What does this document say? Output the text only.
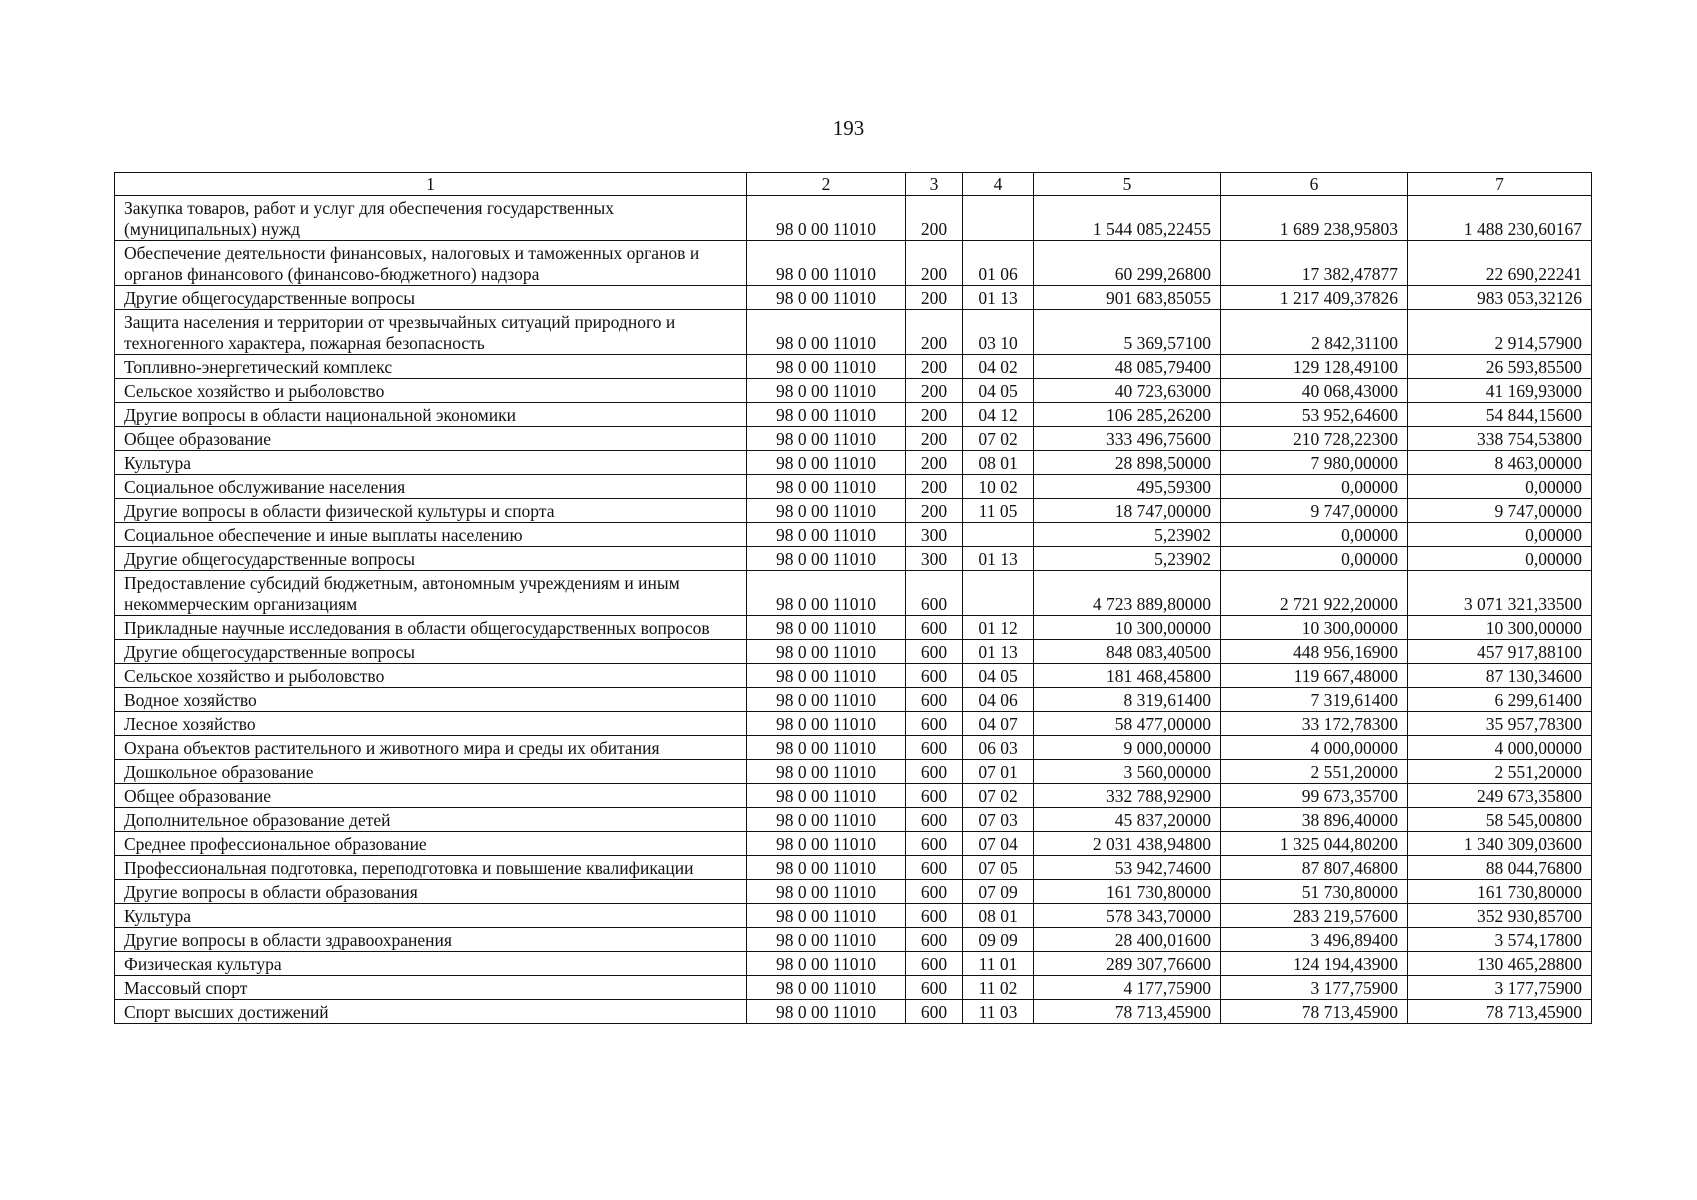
193
1	2	3	4	5	6	7
Закупка товаров, работ и услуг для обеспечения государственных (муниципальных) нужд	98 0 00 11010	200		1 544 085,22455	1 689 238,95803	1 488 230,60167
Обеспечение деятельности финансовых, налоговых и таможенных органов и органов финансового (финансово-бюджетного) надзора	98 0 00 11010	200	01 06	60 299,26800	17 382,47877	22 690,22241
Другие общегосударственные вопросы	98 0 00 11010	200	01 13	901 683,85055	1 217 409,37826	983 053,32126
Защита населения и территории от чрезвычайных ситуаций природного и техногенного характера, пожарная безопасность	98 0 00 11010	200	03 10	5 369,57100	2 842,31100	2 914,57900
Топливно-энергетический комплекс	98 0 00 11010	200	04 02	48 085,79400	129 128,49100	26 593,85500
Сельское хозяйство и рыболовство	98 0 00 11010	200	04 05	40 723,63000	40 068,43000	41 169,93000
Другие вопросы в области национальной экономики	98 0 00 11010	200	04 12	106 285,26200	53 952,64600	54 844,15600
Общее образование	98 0 00 11010	200	07 02	333 496,75600	210 728,22300	338 754,53800
Культура	98 0 00 11010	200	08 01	28 898,50000	7 980,00000	8 463,00000
Социальное обслуживание населения	98 0 00 11010	200	10 02	495,59300	0,00000	0,00000
Другие вопросы в области физической культуры и спорта	98 0 00 11010	200	11 05	18 747,00000	9 747,00000	9 747,00000
Социальное обеспечение и иные выплаты населению	98 0 00 11010	300		5,23902	0,00000	0,00000
Другие общегосударственные вопросы	98 0 00 11010	300	01 13	5,23902	0,00000	0,00000
Предоставление субсидий бюджетным, автономным учреждениям и иным некоммерческим организациям	98 0 00 11010	600		4 723 889,80000	2 721 922,20000	3 071 321,33500
Прикладные научные исследования в области общегосударственных вопросов	98 0 00 11010	600	01 12	10 300,00000	10 300,00000	10 300,00000
Другие общегосударственные вопросы	98 0 00 11010	600	01 13	848 083,40500	448 956,16900	457 917,88100
Сельское хозяйство и рыболовство	98 0 00 11010	600	04 05	181 468,45800	119 667,48000	87 130,34600
Водное хозяйство	98 0 00 11010	600	04 06	8 319,61400	7 319,61400	6 299,61400
Лесное хозяйство	98 0 00 11010	600	04 07	58 477,00000	33 172,78300	35 957,78300
Охрана объектов растительного и животного мира и среды их обитания	98 0 00 11010	600	06 03	9 000,00000	4 000,00000	4 000,00000
Дошкольное образование	98 0 00 11010	600	07 01	3 560,00000	2 551,20000	2 551,20000
Общее образование	98 0 00 11010	600	07 02	332 788,92900	99 673,35700	249 673,35800
Дополнительное образование детей	98 0 00 11010	600	07 03	45 837,20000	38 896,40000	58 545,00800
Среднее профессиональное образование	98 0 00 11010	600	07 04	2 031 438,94800	1 325 044,80200	1 340 309,03600
Профессиональная подготовка, переподготовка и повышение квалификации	98 0 00 11010	600	07 05	53 942,74600	87 807,46800	88 044,76800
Другие вопросы в области образования	98 0 00 11010	600	07 09	161 730,80000	51 730,80000	161 730,80000
Культура	98 0 00 11010	600	08 01	578 343,70000	283 219,57600	352 930,85700
Другие вопросы в области здравоохранения	98 0 00 11010	600	09 09	28 400,01600	3 496,89400	3 574,17800
Физическая культура	98 0 00 11010	600	11 01	289 307,76600	124 194,43900	130 465,28800
Массовый спорт	98 0 00 11010	600	11 02	4 177,75900	3 177,75900	3 177,75900
Спорт высших достижений	98 0 00 11010	600	11 03	78 713,45900	78 713,45900	78 713,45900
